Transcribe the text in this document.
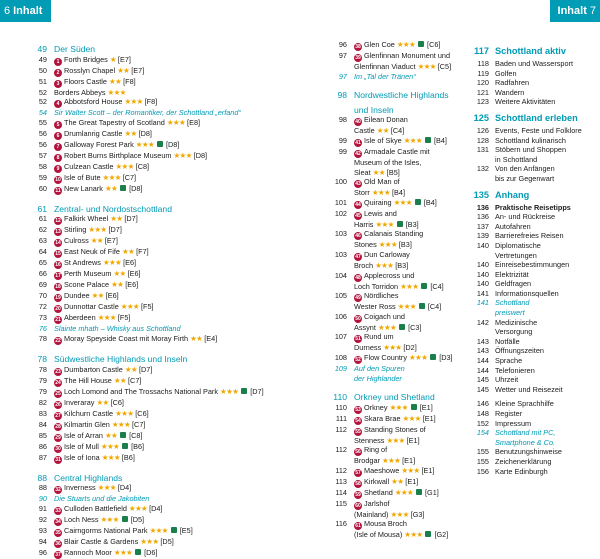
6 Inhalt	Inhalt 7
49 Der Süden
49	1 Forth Bridges ★ [E7]
50	2 Rosslyn Chapel ★★ [E7]
51	3 Floors Castle ★★ [F8]
52 Borders Abbeys ★★★
52	4 Abbotsford House ★★★ [F8]
54 Sir Walter Scott – der Romantiker, der Schottland „erfand“
55	5 The Great Tapestry of Scotland ★★★ [E8]
56	6 Drumlanrig Castle ★★ [D8]
56	7 Galloway Forest Park ★★★ [D8]
57	8 Robert Burns Birthplace Museum ★★★ [D8]
58	9 Culzean Castle ★★★ [C8]
59	10 Isle of Bute ★★★ [C7]
60	11 New Lanark ★★ [D8]
61 Zentral- und Nordostschottland
61	12 Falkirk Wheel ★★ [D7]
62	13 Stirling ★★★ [D7]
63	14 Culross ★★ [E7]
64	15 East Neuk of Fife ★★ [F7]
65	16 St Andrews ★★★ [E6]
66	17 Perth Museum ★★ [E6]
69	18 Scone Palace ★★ [E6]
70	19 Dundee ★★ [E6]
72	20 Dunnottar Castle ★★★ [F5]
73	21 Aberdeen ★★★ [F5]
76 Slainte mhath – Whisky aus Schottland
78	22 Moray Speyside Coast mit Moray Firth ★★ [E4]
78 Südwestliche Highlands und Inseln
78	23 Dumbarton Castle ★★ [D7]
79	24 The Hill House ★★ [C7]
79	25 Loch Lomond and The Trossachs National Park ★★★ [D7]
82	26 Inveraray ★★ [C6]
83	27 Kilchurn Castle ★★★ [C6]
84	28 Kilmartin Glen ★★★ [C7]
85	29 Isle of Arran ★★ [C8]
86	30 Isle of Mull ★★★ [B6]
87	31 Isle of Iona ★★★ [B6]
88 Central Highlands
88	32 Inverness ★★★ [D4]
90 Die Stuarts und die Jakobiten
91	33 Culloden Battlefield ★★★ [D4]
92	34 Loch Ness ★★★ [D5]
93	35 Cairngorms National Park ★★★ [E5]
94	36 Blair Castle & Gardens ★★★ [D5]
96	37 Rannoch Moor ★★★ [D6]
96	38 Glen Coe ★★★ [C6]
97	39 Glenfinnan Monument und
Glenfinnan Viaduct ★★★ [C5]
97 Im „Tal der Tränen“
98 Nordwestliche Highlands
und Inseln
98	40 Eilean Donan
Castle ★★ [C4]
99	41 Isle of Skye ★★★ [B4]
99	42 Armadale Castle mit
Museum of the Isles,
Sleat ★★ [B5]
100	43 Old Man of
Storr ★★★ [B4]
101	44 Quiraing ★★★ [B4]
102	45 Lewis and
Harris ★★★ [B3]
103	46 Calanais Standing
Stones ★★★ [B3]
103	47 Dun Carloway
Broch ★★★ [B3]
104	48 Applecross und
Loch Torridon ★★★ [C4]
105	49 Nördliches
Wester Ross ★★★ [C4]
106	50 Coigach und
Assynt ★★★ [C3]
107	51 Rund um
Durness ★★★ [D2]
108	52 Flow Country ★★★ [D3]
109 Auf den Spuren
der Highlander
110 Orkney und Shetland
110	53 Orkney ★★★ [E1]
111	54 Skara Brae ★★★ [E1]
112	55 Standing Stones of
Stenness ★★★ [E1]
112	56 Ring of
Brodgar ★★★ [E1]
112	57 Maeshowe ★★★ [E1]
113	58 Kirkwall ★★ [E1]
114	59 Shetland ★★★ [G1]
115	60 Jarlshof
(Mainland) ★★★ [G3]
116	61 Mousa Broch
(Isle of Mousa) ★★★ [G2]
117 Schottland aktiv
118 Baden und Wassersport
119 Golfen
120 Radfahren
121 Wandern
123 Weitere Aktivitäten
125 Schottland erleben
126 Events, Feste und Folklore
128 Schottland kulinarisch
131 Stöbern und Shoppen
in Schottland
132 Von den Anfängen
bis zur Gegenwart
135 Anhang
136 Praktische Reisetipps
136 An- und Rückreise
137 Autofahren
139 Barrierefreies Reisen
140 Diplomatische
Vertretungen
140 Einreisebestimmungen
140 Elektrizität
140 Geldfragen
141 Informationsquellen
141 Schottland
preiswert
142 Medizinische
Versorgung
143 Notfälle
143 Öffnungszeiten
144 Sprache
144 Telefonieren
145 Uhrzeit
145 Wetter und Reisezeit
146 Kleine Sprachhilfe
148 Register
152 Impressum
154 Schottland mit PC,
Smartphone & Co.
155 Benutzungshinweise
155 Zeichenerklärung
156 Karte Edinburgh
